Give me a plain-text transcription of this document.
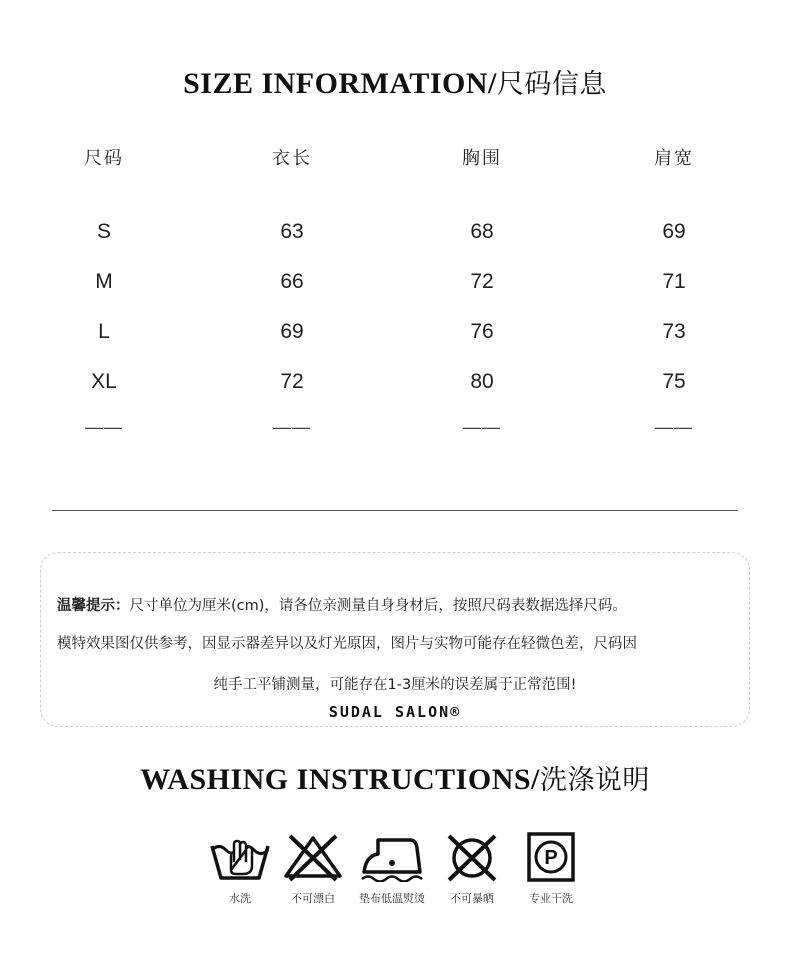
SIZE INFORMATION/尺码信息
尺码	衣长	胸围	肩宽
S	63	68	69
M	66	72	71
L	69	76	73
XL	72	80	75
——	——	——	——
温馨提示：尺寸单位为厘米(cm)，请各位亲测量自身身材后，按照尺码表数据选择尺码。
模特效果图仅供参考，因显示器差异以及灯光原因，图片与实物可能存在轻微色差，尺码因
纯手工平铺测量，可能存在1-3厘米的误差属于正常范围!
SUDAL SALON®
WASHING INSTRUCTIONS/洗涤说明
水洗	不可漂白	垫布低温熨烫	不可暴晒
P
专业干洗
